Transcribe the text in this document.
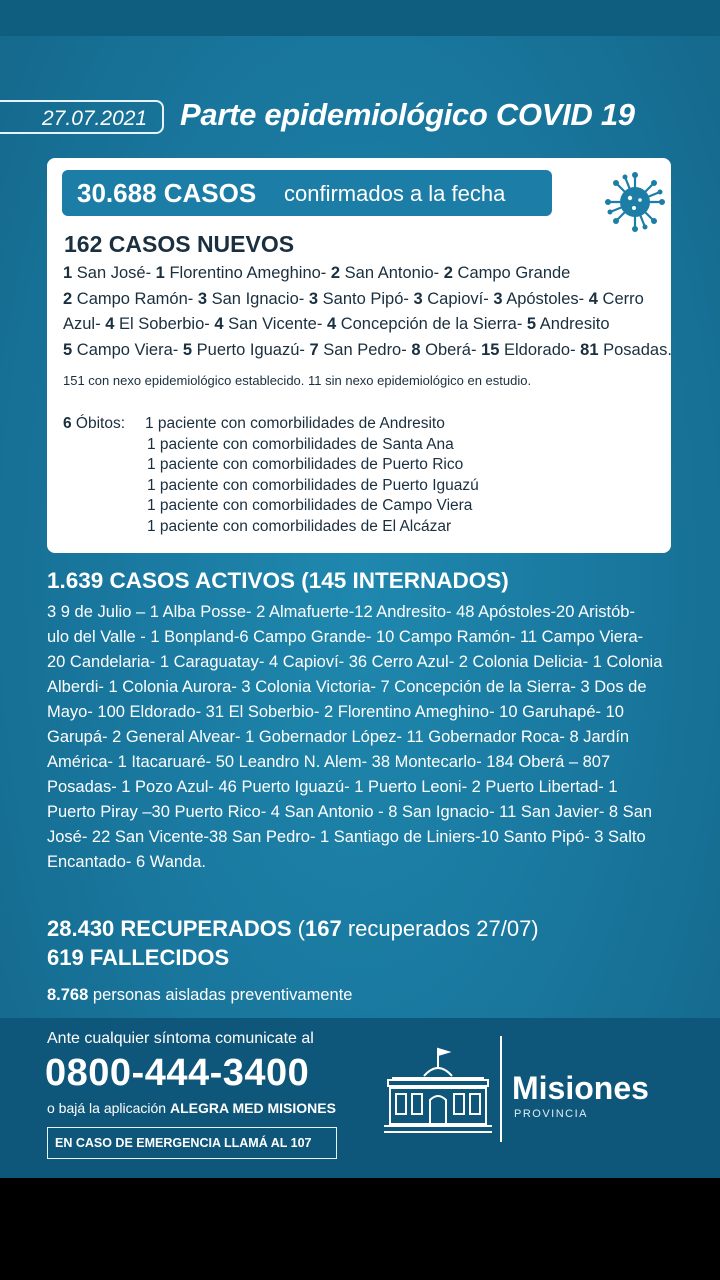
27.07.2021 Parte epidemiológico COVID 19
30.688 CASOS confirmados a la fecha
162 CASOS NUEVOS

1 San José- 1 Florentino Ameghino- 2 San Antonio- 2 Campo Grande

2 Campo Ramón- 3 San Ignacio- 3 Santo Pipó- 3 Capioví- 3 Apóstoles- 4 Cerro

Azul- 4 El Soberbio- 4 San Vicente- 4 Concepción de la Sierra- 5 Andresito

5 Campo Viera- 5 Puerto Iguazú- 7 San Pedro- 8 Oberá- 15 Eldorado- 81 Posadas.

151 con nexo epidemiológico establecido. 11 sin nexo epidemiológico en estudio.

6 Óbitos: 1 paciente con comorbilidades de Andresito

1 paciente con comorbilidades de Santa Ana

1 paciente con comorbilidades de Puerto Rico

1 paciente con comorbilidades de Puerto Iguazú

1 paciente con comorbilidades de Campo Viera

1 paciente con comorbilidades de El Alcázar

1.639 CASOS ACTIVOS (145 INTERNADOS)

3 9 de Julio – 1 Alba Posse- 2 Almafuerte-12 Andresito- 48 Apóstoles-20 Aristób-

ulo del Valle - 1 Bonpland-6 Campo Grande- 10 Campo Ramón- 11 Campo Viera-

20 Candelaria- 1 Caraguatay- 4 Capioví- 36 Cerro Azul- 2 Colonia Delicia- 1 Colonia

Alberdi- 1 Colonia Aurora- 3 Colonia Victoria- 7 Concepción de la Sierra- 3 Dos de

Mayo- 100 Eldorado- 31 El Soberbio- 2 Florentino Ameghino- 10 Garuhapé- 10

Garupá- 2 General Alvear- 1 Gobernador López- 11 Gobernador Roca- 8 Jardín

América- 1 Itacaruaré- 50 Leandro N. Alem- 38 Montecarlo- 184 Oberá – 807

Posadas- 1 Pozo Azul- 46 Puerto Iguazú- 1 Puerto Leoni- 2 Puerto Libertad- 1

Puerto Piray –30 Puerto Rico- 4 San Antonio - 8 San Ignacio- 11 San Javier- 8 San

José- 22 San Vicente-38 San Pedro- 1 Santiago de Liniers-10 Santo Pipó- 3 Salto

Encantado- 6 Wanda.

28.430 RECUPERADOS (167 recuperados 27/07)
619 FALLECIDOS
8.768 personas aisladas preventivamente
Ante cualquier síntoma comunicate al
0800-444-3400
o bajá la aplicación ALEGRA MED MISIONES
EN CASO DE EMERGENCIA LLAMÁ AL 107
Misiones
PROVINCIA
